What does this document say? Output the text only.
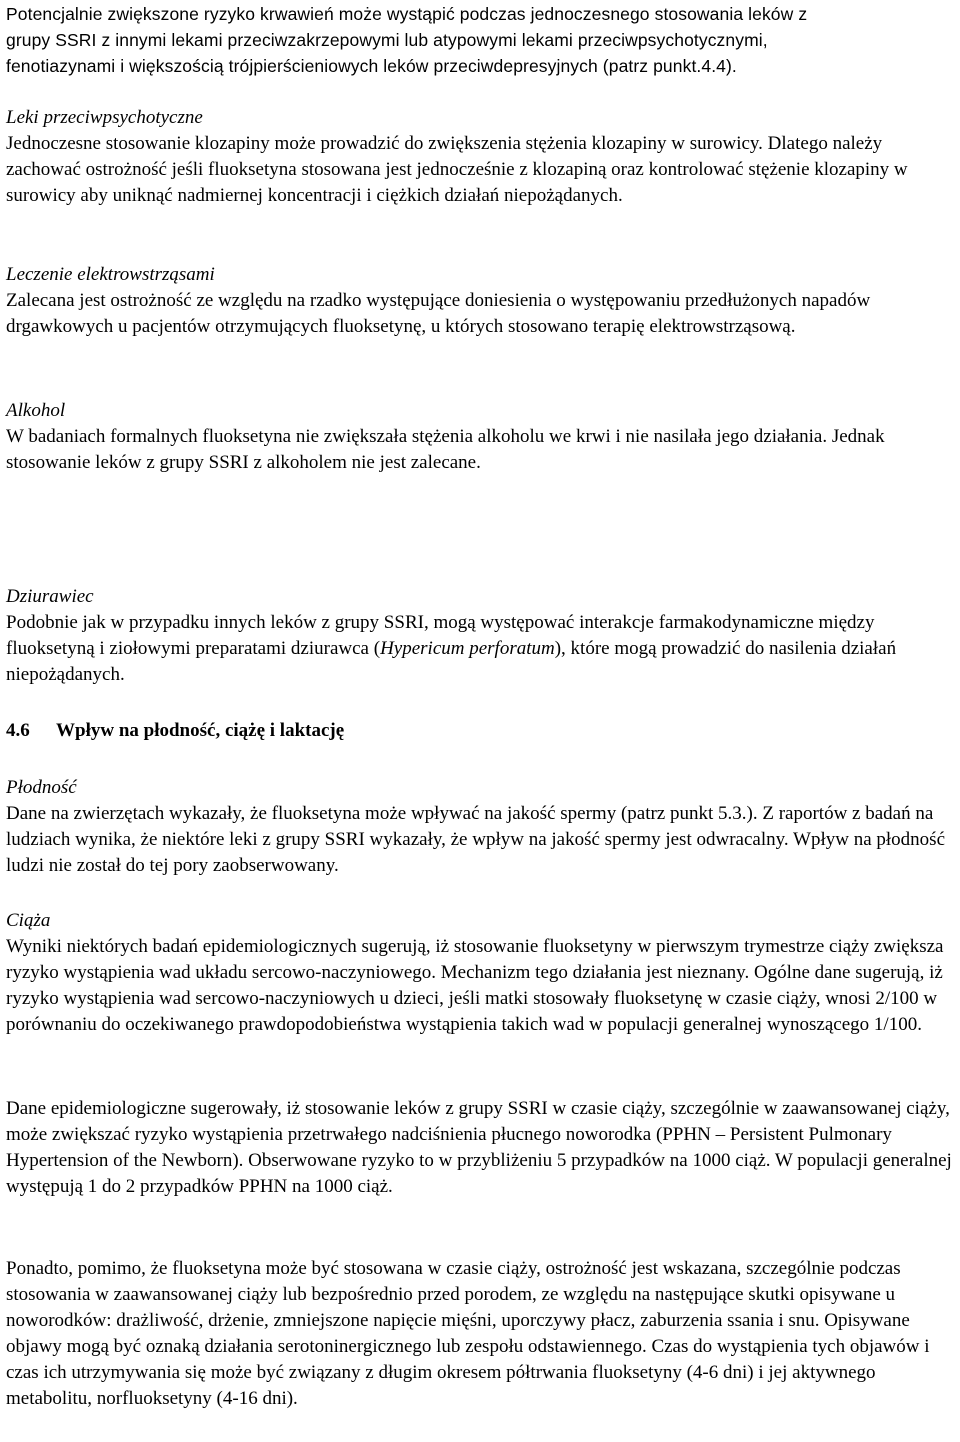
Potencjalnie zwiększone ryzyko krwawień może wystąpić podczas jednoczesnego stosowania leków z

grupy SSRI z innymi lekami przeciwzakrzepowymi lub atypowymi lekami przeciwpsychotycznymi,

fenotiazynami i większością trójpierścieniowych leków przeciwdepresyjnych (patrz punkt.4.4).

Leki przeciwpsychotyczne

Jednoczesne stosowanie klozapiny może prowadzić do zwiększenia stężenia klozapiny w surowicy. Dlatego należy zachować ostrożność jeśli fluoksetyna stosowana jest jednocześnie z klozapiną oraz kontrolować stężenie klozapiny w surowicy aby uniknąć nadmiernej koncentracji i ciężkich działań niepożądanych.

Leczenie elektrowstrząsami

Zalecana jest ostrożność ze względu na rzadko występujące doniesienia o występowaniu przedłużonych napadów drgawkowych u pacjentów otrzymujących fluoksetynę, u których stosowano terapię elektrowstrząsową.

Alkohol

W badaniach formalnych fluoksetyna nie zwiększała stężenia alkoholu we krwi i nie nasilała jego działania. Jednak stosowanie leków z grupy SSRI z alkoholem nie jest zalecane.

Dziurawiec

Podobnie jak w przypadku innych leków z grupy SSRI, mogą występować interakcje farmakodynamiczne między fluoksetyną i ziołowymi preparatami dziurawca (Hypericum perforatum), które mogą prowadzić do nasilenia działań niepożądanych.

4.6 Wpływ na płodność, ciążę i laktację

Płodność

Dane na zwierzętach wykazały, że fluoksetyna może wpływać na jakość spermy (patrz punkt 5.3.). Z raportów z badań na ludziach wynika, że niektóre leki z grupy SSRI wykazały, że wpływ na jakość spermy jest odwracalny. Wpływ na płodność ludzi nie został do tej pory zaobserwowany.

Ciąża

Wyniki niektórych badań epidemiologicznych sugerują, iż stosowanie fluoksetyny w pierwszym trymestrze ciąży zwiększa ryzyko wystąpienia wad układu sercowo-naczyniowego. Mechanizm tego działania jest nieznany. Ogólne dane sugerują, iż ryzyko wystąpienia wad sercowo-naczyniowych u dzieci, jeśli matki stosowały fluoksetynę w czasie ciąży, wnosi 2/100 w porównaniu do oczekiwanego prawdopodobieństwa wystąpienia takich wad w populacji generalnej wynoszącego 1/100.

Dane epidemiologiczne sugerowały, iż stosowanie leków z grupy SSRI w czasie ciąży, szczególnie w zaawansowanej ciąży, może zwiększać ryzyko wystąpienia przetrwałego nadciśnienia płucnego noworodka (PPHN – Persistent Pulmonary Hypertension of the Newborn). Obserwowane ryzyko to w przybliżeniu 5 przypadków na 1000 ciąż. W populacji generalnej występują 1 do 2 przypadków PPHN na 1000 ciąż.

Ponadto, pomimo, że fluoksetyna może być stosowana w czasie ciąży, ostrożność jest wskazana, szczególnie podczas stosowania w zaawansowanej ciąży lub bezpośrednio przed porodem, ze względu na następujące skutki opisywane u noworodków: drażliwość, drżenie, zmniejszone napięcie mięśni, uporczywy płacz, zaburzenia ssania i snu. Opisywane objawy mogą być oznaką działania serotoninergicznego lub zespołu odstawiennego. Czas do wystąpienia tych objawów i czas ich utrzymywania się może być związany z długim okresem półtrwania fluoksetyny (4-6 dni) i jej aktywnego metabolitu, norfluoksetyny (4-16 dni).
